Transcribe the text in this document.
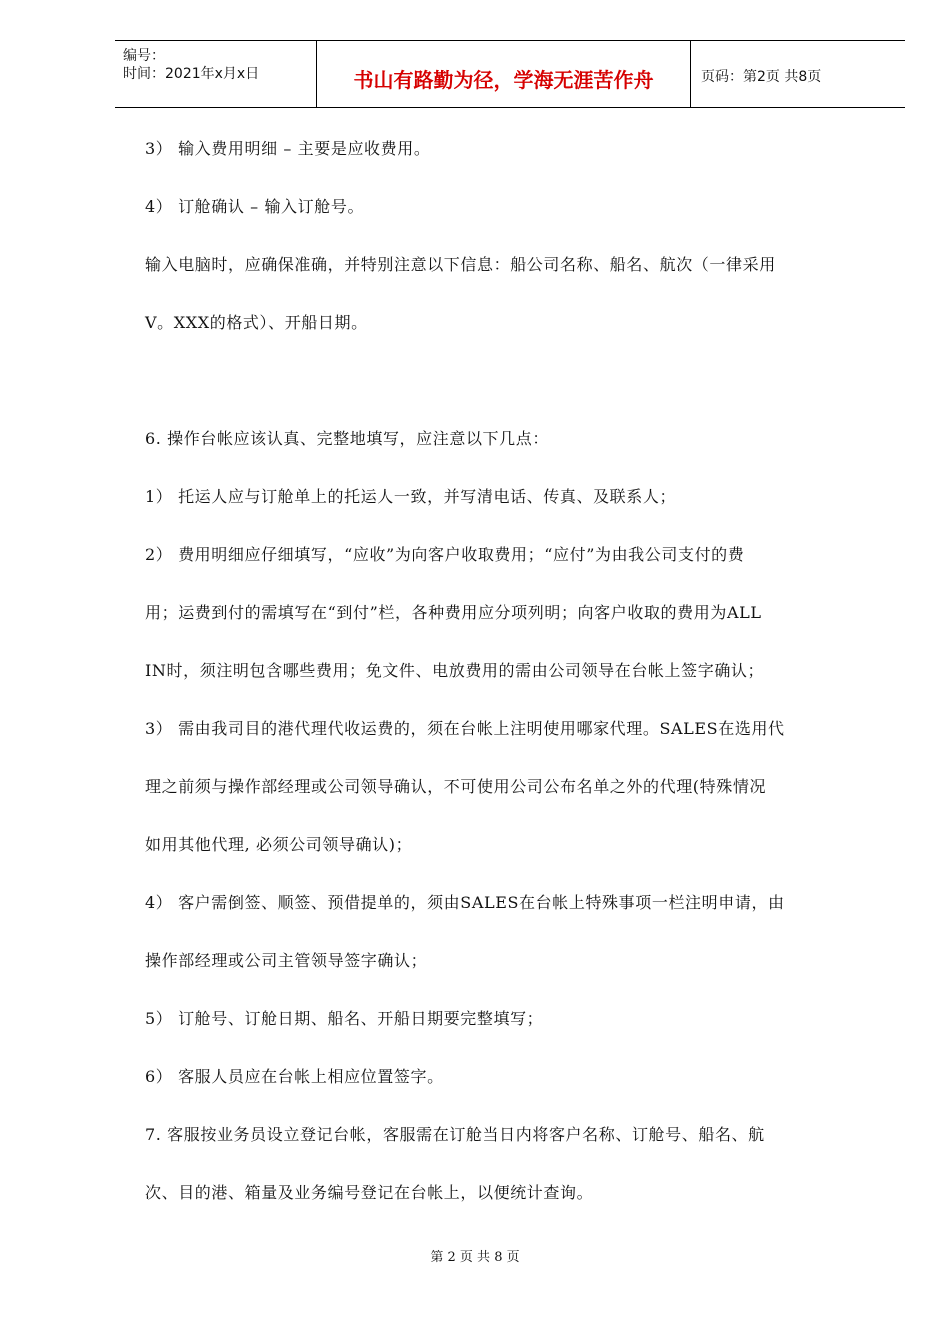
编号：
时间：2021年x月x日	书山有路勤为径，学海无涯苦作舟	页码：第2页 共8页

3） 输入费用明细 – 主要是应收费用。

4） 订舱确认 – 输入订舱号。

输入电脑时，应确保准确，并特别注意以下信息：船公司名称、船名、航次（一律采用

V。XXX的格式）、开船日期。

6. 操作台帐应该认真、完整地填写，应注意以下几点：

1） 托运人应与订舱单上的托运人一致，并写清电话、传真、及联系人；

2） 费用明细应仔细填写，“应收”为向客户收取费用；“应付”为由我公司支付的费

用；运费到付的需填写在“到付”栏，各种费用应分项列明；向客户收取的费用为ALL

IN时，须注明包含哪些费用；免文件、电放费用的需由公司领导在台帐上签字确认；

3） 需由我司目的港代理代收运费的，须在台帐上注明使用哪家代理。SALES在选用代

理之前须与操作部经理或公司领导确认，不可使用公司公布名单之外的代理(特殊情况

如用其他代理, 必须公司领导确认)；

4） 客户需倒签、顺签、预借提单的，须由SALES在台帐上特殊事项一栏注明申请，由

操作部经理或公司主管领导签字确认；

5） 订舱号、订舱日期、船名、开船日期要完整填写；

6） 客服人员应在台帐上相应位置签字。

7. 客服按业务员设立登记台帐，客服需在订舱当日内将客户名称、订舱号、船名、航

次、目的港、箱量及业务编号登记在台帐上，以便统计查询。

第 2 页 共 8 页
